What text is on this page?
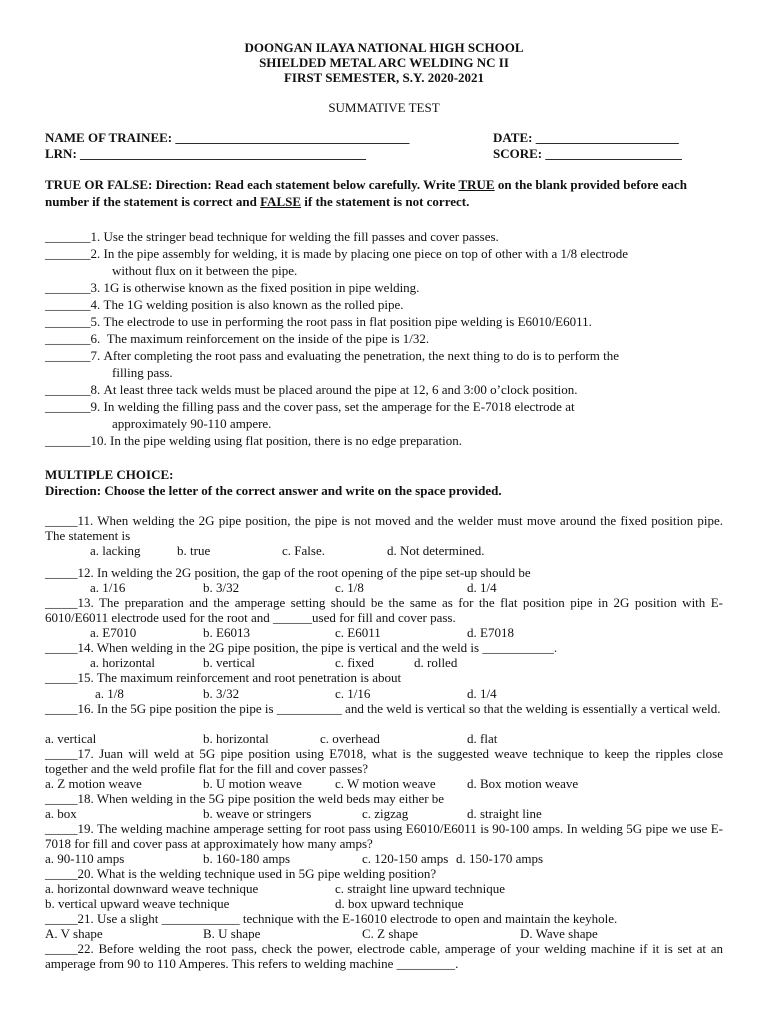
DOONGAN ILAYA NATIONAL HIGH SCHOOL
SHIELDED METAL ARC WELDING NC II
FIRST SEMESTER, S.Y. 2020-2021
SUMMATIVE TEST
NAME OF TRAINEE: ____________________________________	DATE: ______________________
LRN: ____________________________________________	SCORE: _____________________
TRUE OR FALSE: Direction: Read each statement below carefully. Write TRUE on the blank provided before each number if the statement is correct and FALSE if the statement is not correct.
_______1. Use the stringer bead technique for welding the fill passes and cover passes.
_______2. In the pipe assembly for welding, it is made by placing one piece on top of other with a 1/8 electrode
without flux on it between the pipe.
_______3. 1G is otherwise known as the fixed position in pipe welding.
_______4. The 1G welding position is also known as the rolled pipe.
_______5. The electrode to use in performing the root pass in flat position pipe welding is E6010/E6011.
_______6. The maximum reinforcement on the inside of the pipe is 1/32.
_______7. After completing the root pass and evaluating the penetration, the next thing to do is to perform the
filling pass.
_______8. At least three tack welds must be placed around the pipe at 12, 6 and 3:00 o’clock position.
_______9. In welding the filling pass and the cover pass, set the amperage for the E-7018 electrode at
approximately 90-110 ampere.
_______10. In the pipe welding using flat position, there is no edge preparation.
MULTIPLE CHOICE:
Direction: Choose the letter of the correct answer and write on the space provided.
_____11. When welding the 2G pipe position, the pipe is not moved and the welder must move around the fixed position pipe. The statement is
a. lacking	b. true	c. False.	d. Not determined.
_____12. In welding the 2G position, the gap of the root opening of the pipe set-up should be
a. 1/16	b. 3/32	c. 1/8	d. 1/4
_____13. The preparation and the amperage setting should be the same as for the flat position pipe in 2G position with E-6010/E6011 electrode used for the root and ______used for fill and cover pass.
a. E7010	b. E6013	c. E6011	d. E7018
_____14. When welding in the 2G pipe position, the pipe is vertical and the weld is ___________.
a. horizontal	b. vertical	c. fixed	d. rolled
_____15. The maximum reinforcement and root penetration is about
a. 1/8	b. 3/32	c. 1/16	d. 1/4
_____16. In the 5G pipe position the pipe is __________ and the weld is vertical so that the welding is essentially a vertical weld.
a. vertical	b. horizontal	c. overhead	d. flat
_____17. Juan will weld at 5G pipe position using E7018, what is the suggested weave technique to keep the ripples close together and the weld profile flat for the fill and cover passes?
a. Z motion weave	b. U motion weave	c. W motion weave d. Box motion weave
_____18. When welding in the 5G pipe position the weld beds may either be
a. box	b. weave or stringers	c. zigzag	d. straight line
_____19. The welding machine amperage setting for root pass using E6010/E6011 is 90-100 amps. In welding 5G pipe we use E-7018 for fill and cover pass at approximately how many amps?
a. 90-110 amps	b. 160-180 amps	c. 120-150 amps d. 150-170 amps
_____20. What is the welding technique used in 5G pipe welding position?
a. horizontal downward weave technique	c. straight line upward technique
b. vertical upward weave technique	d. box upward technique
_____21. Use a slight ____________ technique with the E-16010 electrode to open and maintain the keyhole.
A. V shape	B. U shape	C. Z shape	D. Wave shape
_____22. Before welding the root pass, check the power, electrode cable, amperage of your welding machine if it is set at an amperage from 90 to 110 Amperes. This refers to welding machine _________.
